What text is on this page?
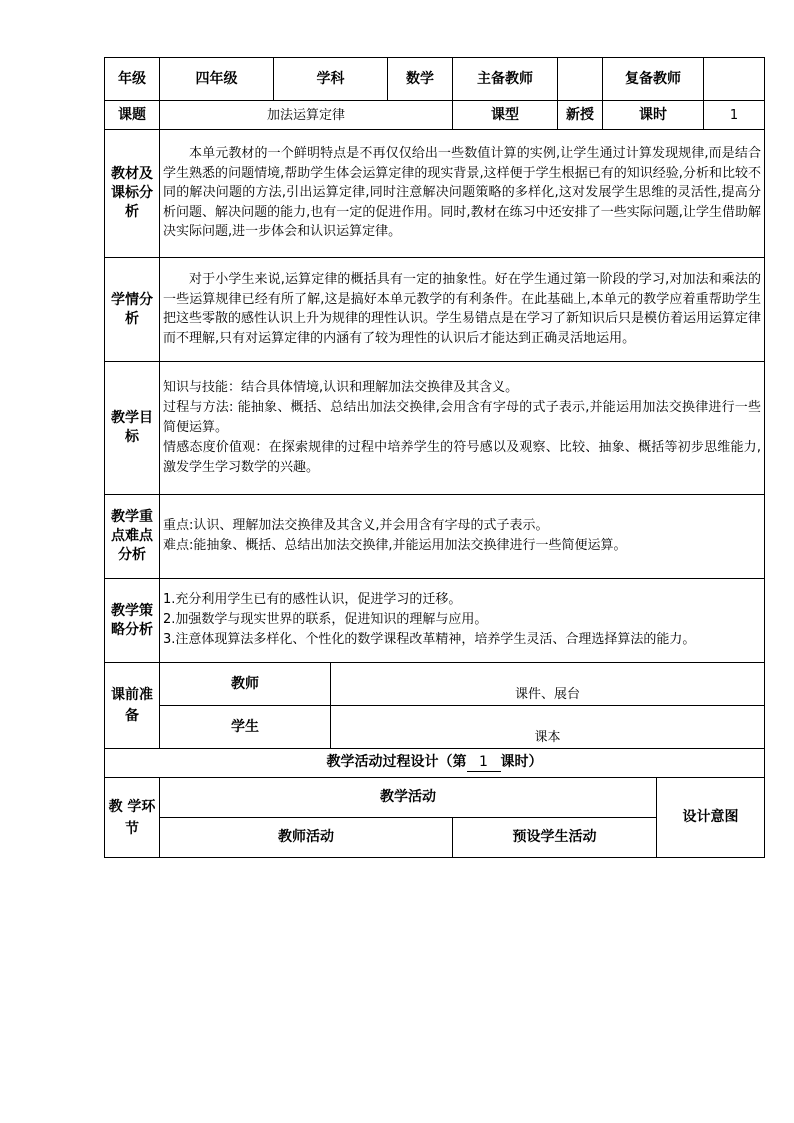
年级	四年级	学科		数学	主备教师		复备教师		
课题	加法运算定律				课型	新授	课时		1
教材及课标分析	本单元教材的一个鲜明特点是不再仅仅给出一些数值计算的实例,让学生通过计算发现规律,而是结合学生熟悉的问题情境,帮助学生体会运算定律的现实背景,这样便于学生根据已有的知识经验,分析和比较不同的解决问题的方法,引出运算定律,同时注意解决问题策略的多样化,这对发展学生思维的灵活性,提高分析问题、解决问题的能力,也有一定的促进作用。同时,教材在练习中还安排了一些实际问题,让学生借助解决实际问题,进一步体会和认识运算定律。								
学情分析	对于小学生来说,运算定律的概括具有一定的抽象性。好在学生通过第一阶段的学习,对加法和乘法的一些运算规律已经有所了解,这是搞好本单元教学的有利条件。在此基础上,本单元的教学应着重帮助学生把这些零散的感性认识上升为规律的理性认识。学生易错点是在学习了新知识后只是模仿着运用运算定律而不理解,只有对运算定律的内涵有了较为理性的认识后才能达到正确灵活地运用。								
教学目标	知识与技能：结合具体情境,认识和理解加法交换律及其含义。

过程与方法: 能抽象、概括、总结出加法交换律,会用含有字母的式子表示,并能运用加法交换律进行一些简便运算。

情感态度价值观：在探索规律的过程中培养学生的符号感以及观察、比较、抽象、概括等初步思维能力,激发学生学习数学的兴趣。								

教学重点难点分析	重点:认识、理解加法交换律及其含义,并会用含有字母的式子表示。

难点:能抽象、概括、总结出加法交换律,并能运用加法交换律进行一些简便运算。								

教学策略分析	1.充分利用学生已有的感性认识，促进学习的迁移。

2.加强数学与现实世界的联系，促进知识的理解与应用。

3.注意体现算法多样化、个性化的数学课程改革精神，培养学生灵活、合理选择算法的能力。								

课前准备	教师		课件、展台						
	学生		课本						
教学活动过程设计（第 1 课时）									
教 学环 节	教学活动							设计意图	
	教师活动				预设学生活动				
